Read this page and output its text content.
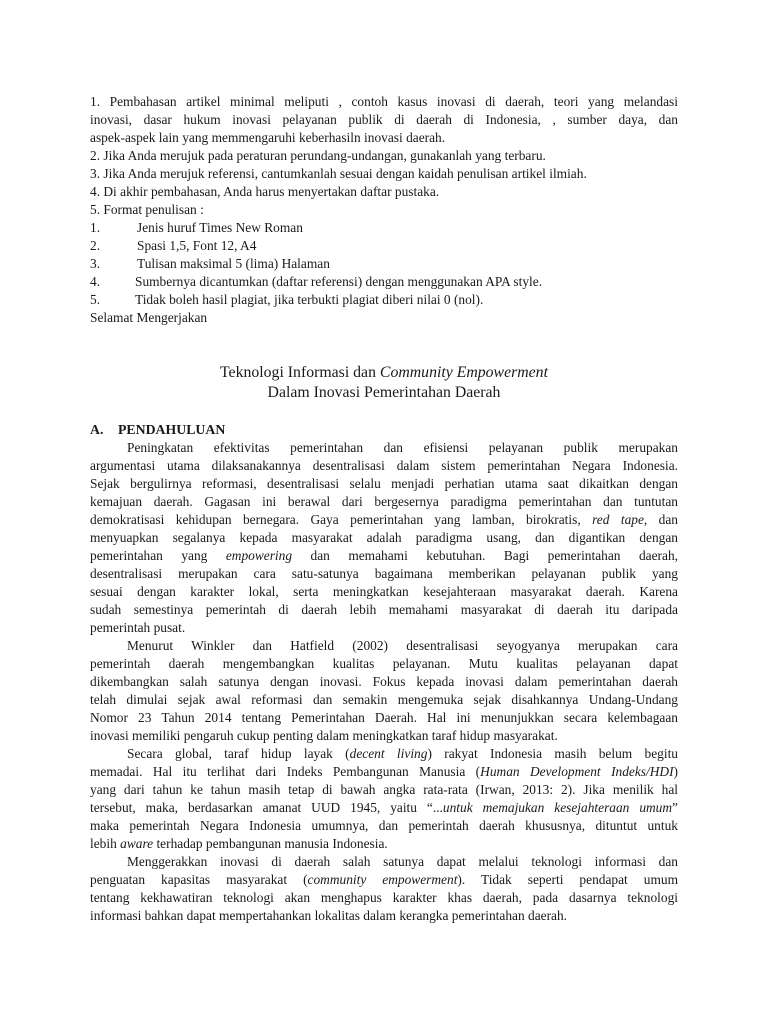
1. Pembahasan artikel minimal meliputi , contoh kasus inovasi di daerah, teori yang melandasi
inovasi, dasar hukum inovasi pelayanan publik di daerah di Indonesia, , sumber daya, dan
aspek-aspek lain yang memmengaruhi keberhasiln inovasi daerah.
2. Jika Anda merujuk pada peraturan perundang-undangan, gunakanlah yang terbaru.
3. Jika Anda merujuk referensi, cantumkanlah sesuai dengan kaidah penulisan artikel ilmiah.
4. Di akhir pembahasan, Anda harus menyertakan daftar pustaka.
5. Format penulisan :
1.	Jenis huruf Times New Roman
2.	Spasi 1,5, Font 12, A4
3.	Tulisan maksimal 5 (lima) Halaman
4.	Sumbernya dicantumkan (daftar referensi) dengan menggunakan APA style.
5.	Tidak boleh hasil plagiat, jika terbukti plagiat diberi nilai 0 (nol).
Selamat Mengerjakan
Teknologi Informasi dan Community Empowerment
Dalam Inovasi Pemerintahan Daerah
A. PENDAHULUAN
Peningkatan efektivitas pemerintahan dan efisiensi pelayanan publik merupakan
argumentasi utama dilaksanakannya desentralisasi dalam sistem pemerintahan Negara Indonesia.
Sejak bergulirnya reformasi, desentralisasi selalu menjadi perhatian utama saat dikaitkan dengan
kemajuan daerah. Gagasan ini berawal dari bergesernya paradigma pemerintahan dan tuntutan
demokratisasi kehidupan bernegara. Gaya pemerintahan yang lamban, birokratis, red tape, dan
menyuapkan segalanya kepada masyarakat adalah paradigma usang, dan digantikan dengan
pemerintahan yang empowering dan memahami kebutuhan. Bagi pemerintahan daerah,
desentralisasi merupakan cara satu-satunya bagaimana memberikan pelayanan publik yang
sesuai dengan karakter lokal, serta meningkatkan kesejahteraan masyarakat daerah. Karena
sudah semestinya pemerintah di daerah lebih memahami masyarakat di daerah itu daripada
pemerintah pusat.
Menurut Winkler dan Hatfield (2002) desentralisasi seyogyanya merupakan cara
pemerintah daerah mengembangkan kualitas pelayanan. Mutu kualitas pelayanan dapat
dikembangkan salah satunya dengan inovasi. Fokus kepada inovasi dalam pemerintahan daerah
telah dimulai sejak awal reformasi dan semakin mengemuka sejak disahkannya Undang-Undang
Nomor 23 Tahun 2014 tentang Pemerintahan Daerah. Hal ini menunjukkan secara kelembagaan
inovasi memiliki pengaruh cukup penting dalam meningkatkan taraf hidup masyarakat.
Secara global, taraf hidup layak (decent living) rakyat Indonesia masih belum begitu
memadai. Hal itu terlihat dari Indeks Pembangunan Manusia (Human Development Indeks/HDI)
yang dari tahun ke tahun masih tetap di bawah angka rata-rata (Irwan, 2013: 2). Jika menilik hal
tersebut, maka, berdasarkan amanat UUD 1945, yaitu “...untuk memajukan kesejahteraan umum”
maka pemerintah Negara Indonesia umumnya, dan pemerintah daerah khususnya, dituntut untuk
lebih aware terhadap pembangunan manusia Indonesia.
Menggerakkan inovasi di daerah salah satunya dapat melalui teknologi informasi dan
penguatan kapasitas masyarakat (community empowerment). Tidak seperti pendapat umum
tentang kekhawatiran teknologi akan menghapus karakter khas daerah, pada dasarnya teknologi
informasi bahkan dapat mempertahankan lokalitas dalam kerangka pemerintahan daerah.
